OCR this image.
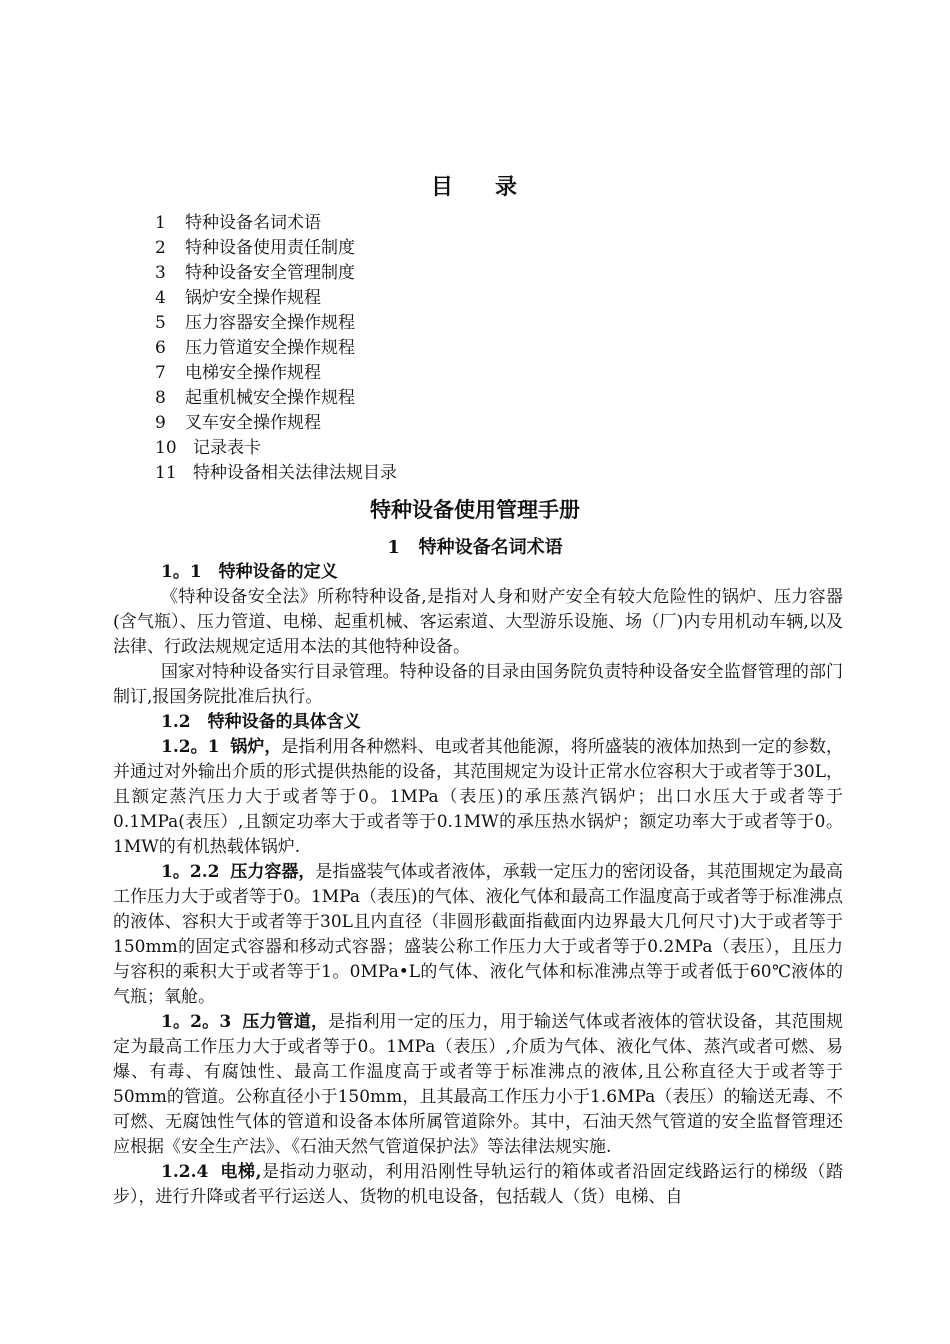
目 录
1 特种设备名词术语
2 特种设备使用责任制度
3 特种设备安全管理制度
4 锅炉安全操作规程
5 压力容器安全操作规程
6 压力管道安全操作规程
7 电梯安全操作规程
8 起重机械安全操作规程
9 叉车安全操作规程
10 记录表卡
11 特种设备相关法律法规目录
特种设备使用管理手册
1 特种设备名词术语

1。1　特种设备的定义

《特种设备安全法》所称特种设备,是指对人身和财产安全有较大危险性的锅炉、压力容器(含气瓶）、压力管道、电梯、起重机械、客运索道、大型游乐设施、场（厂)内专用机动车辆,以及法律、行政法规规定适用本法的其他特种设备。

国家对特种设备实行目录管理。特种设备的目录由国务院负责特种设备安全监督管理的部门制订,报国务院批准后执行。

1.2　特种设备的具体含义

1.2。1 锅炉，是指利用各种燃料、电或者其他能源，将所盛装的液体加热到一定的参数，并通过对外输出介质的形式提供热能的设备，其范围规定为设计正常水位容积大于或者等于30L，且额定蒸汽压力大于或者等于0。1MPa（表压)的承压蒸汽锅炉；出口水压大于或者等于0.1MPa(表压）,且额定功率大于或者等于0.1MW的承压热水锅炉；额定功率大于或者等于0。1MW的有机热载体锅炉.

1。2.2 压力容器，是指盛装气体或者液体，承载一定压力的密闭设备，其范围规定为最高工作压力大于或者等于0。1MPa（表压)的气体、液化气体和最高工作温度高于或者等于标准沸点的液体、容积大于或者等于30L且内直径（非圆形截面指截面内边界最大几何尺寸)大于或者等于150mm的固定式容器和移动式容器；盛装公称工作压力大于或者等于0.2MPa（表压），且压力与容积的乘积大于或者等于1。0MPa•L的气体、液化气体和标准沸点等于或者低于60℃液体的气瓶；氧舱。

1。2。3 压力管道，是指利用一定的压力，用于输送气体或者液体的管状设备，其范围规定为最高工作压力大于或者等于0。1MPa（表压）,介质为气体、液化气体、蒸汽或者可燃、易爆、有毒、有腐蚀性、最高工作温度高于或者等于标准沸点的液体,且公称直径大于或者等于50mm的管道。公称直径小于150mm，且其最高工作压力小于1.6MPa（表压）的输送无毒、不可燃、无腐蚀性气体的管道和设备本体所属管道除外。其中，石油天然气管道的安全监督管理还应根据《安全生产法》、《石油天然气管道保护法》等法律法规实施.

1.2.4 电梯,是指动力驱动，利用沿刚性导轨运行的箱体或者沿固定线路运行的梯级（踏步），进行升降或者平行运送人、货物的机电设备，包括载人（货）电梯、自
